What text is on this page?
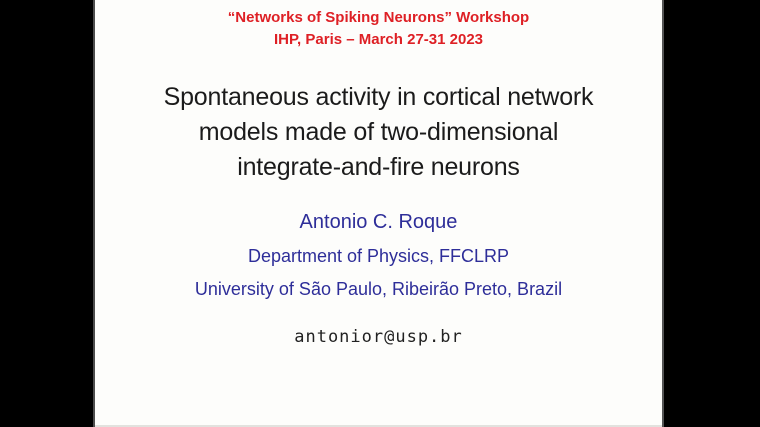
“Networks of Spiking Neurons” Workshop
IHP, Paris – March 27-31 2023
Spontaneous activity in cortical network
models made of two-dimensional
integrate-and-fire neurons
Antonio C. Roque
Department of Physics, FFCLRP
University of São Paulo, Ribeirão Preto, Brazil
antonior@usp.br
